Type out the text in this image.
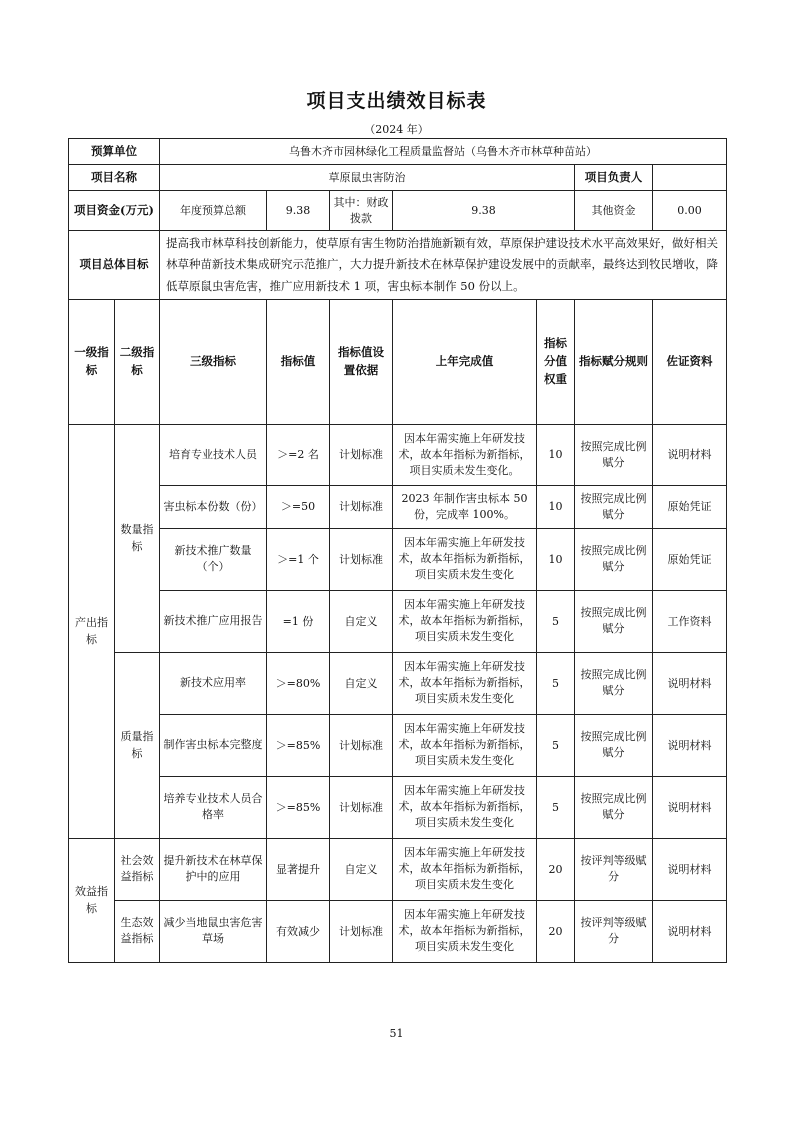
项目支出绩效目标表
（2024 年）
预算单位		乌鲁木齐市园林绿化工程质量监督站（乌鲁木齐市林草种苗站）						
项目名称		草原鼠虫害防治					项目负责人	
项目资金(万元)		年度预算总额	9.38	其中：财政拨款	9.38		其他资金	0.00
项目总体目标		提高我市林草科技创新能力，使草原有害生物防治措施新颖有效，草原保护建设技术水平高效果好，做好相关林草种苗新技术集成研究示范推广，大力提升新技术在林草保护建设发展中的贡献率，最终达到牧民增收，降低草原鼠虫害危害，推广应用新技术 1 项，害虫标本制作 50 份以上。						
一级指标	二级指标	三级指标	指标值	指标值设置依据	上年完成值	指标分值权重	指标赋分规则	佐证资料
产出指标	数量指标	培育专业技术人员	＞=2 名	计划标准	因本年需实施上年研发技术，故本年指标为新指标，项目实质未发生变化。	10	按照完成比例赋分	说明材料
		害虫标本份数（份）	＞=50	计划标准	2023 年制作害虫标本 50 份，完成率 100%。	10	按照完成比例赋分	原始凭证
		新技术推广数量（个）	＞=1 个	计划标准	因本年需实施上年研发技术，故本年指标为新指标，项目实质未发生变化	10	按照完成比例赋分	原始凭证
		新技术推广应用报告	=1 份	自定义	因本年需实施上年研发技术，故本年指标为新指标，项目实质未发生变化	5	按照完成比例赋分	工作资料
	质量指标	新技术应用率	＞=80%	自定义	因本年需实施上年研发技术，故本年指标为新指标，项目实质未发生变化	5	按照完成比例赋分	说明材料
		制作害虫标本完整度	＞=85%	计划标准	因本年需实施上年研发技术，故本年指标为新指标，项目实质未发生变化	5	按照完成比例赋分	说明材料
		培养专业技术人员合格率	＞=85%	计划标准	因本年需实施上年研发技术，故本年指标为新指标，项目实质未发生变化	5	按照完成比例赋分	说明材料
效益指标	社会效益指标	提升新技术在林草保护中的应用	显著提升	自定义	因本年需实施上年研发技术，故本年指标为新指标，项目实质未发生变化	20	按评判等级赋分	说明材料
	生态效益指标	减少当地鼠虫害危害草场	有效减少	计划标准	因本年需实施上年研发技术，故本年指标为新指标，项目实质未发生变化	20	按评判等级赋分	说明材料
51
